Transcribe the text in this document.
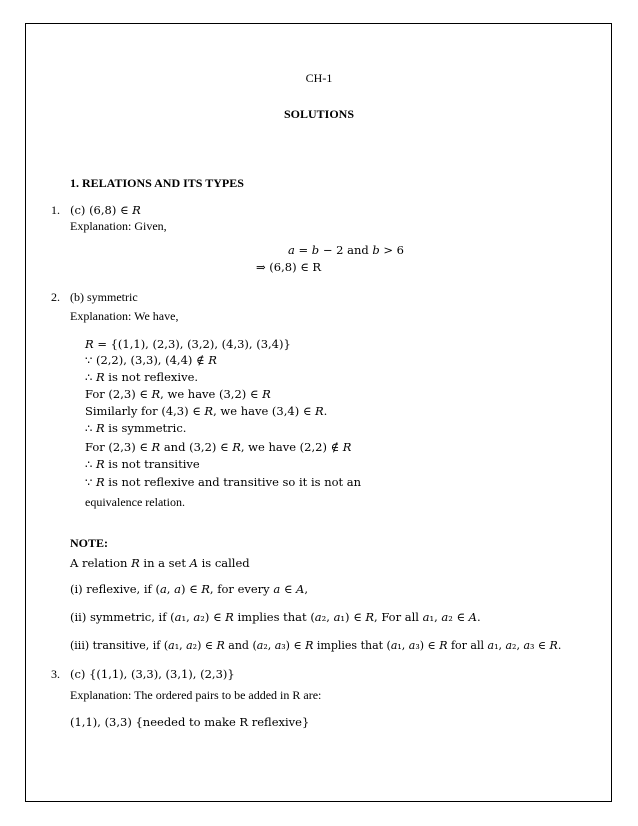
CH-1
SOLUTIONS
1. RELATIONS AND ITS TYPES
1. (c) (6,8) ∈ 𝑅
Explanation: Given,
𝑎 = 𝑏 − 2 and 𝑏 > 6
⇒ (6,8) ∈ R
2. (b) symmetric
Explanation: We have,
𝑅 = {(1,1), (2,3), (3,2), (4,3), (3,4)}
∵ (2,2), (3,3), (4,4) ∉ 𝑅
∴ 𝑅 is not reflexive.
For (2,3) ∈ 𝑅, we have (3,2) ∈ 𝑅
Similarly for (4,3) ∈ 𝑅, we have (3,4) ∈ 𝑅.
∴ 𝑅 is symmetric.
For (2,3) ∈ 𝑅 and (3,2) ∈ 𝑅, we have (2,2) ∉ 𝑅
∴ 𝑅 is not transitive
∵ 𝑅 is not reflexive and transitive so it is not an
equivalence relation.
NOTE:
A relation 𝑅 in a set 𝐴 is called
(i) reflexive, if (𝑎, 𝑎) ∈ 𝑅, for every 𝑎 ∈ 𝐴,
(ii) symmetric, if (𝑎₁, 𝑎₂) ∈ 𝑅 implies that (𝑎₂, 𝑎₁) ∈ 𝑅, For all 𝑎₁, 𝑎₂ ∈ 𝐴.
(iii) transitive, if (𝑎₁, 𝑎₂) ∈ 𝑅 and (𝑎₂, 𝑎₃) ∈ 𝑅 implies that (𝑎₁, 𝑎₃) ∈ 𝑅 for all 𝑎₁, 𝑎₂, 𝑎₃ ∈ 𝑅.
3. (c) {(1,1), (3,3), (3,1), (2,3)}
Explanation: The ordered pairs to be added in R are:
(1,1), (3,3) {needed to make R reflexive}
